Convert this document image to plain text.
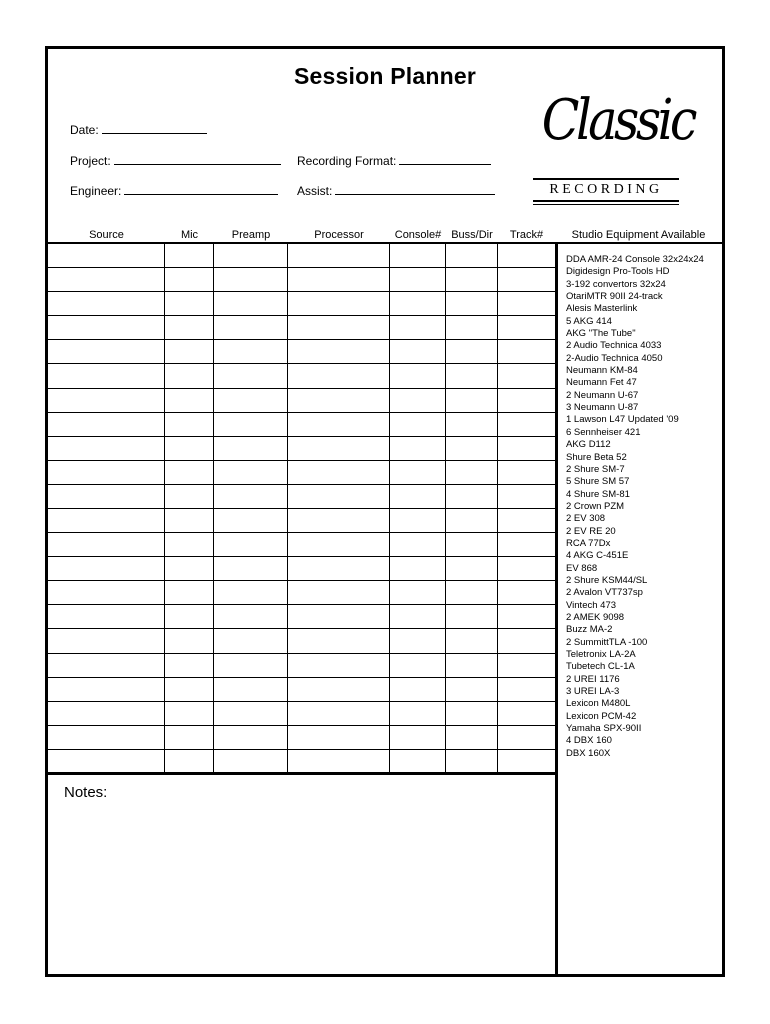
Session Planner
Date:
Project:	Recording Format:
Engineer:	Assist:
Classic
RECORDING
Source	Mic	Preamp	Processor	Console# Buss/Dir	Track#	Studio Equipment Available
DDA AMR-24 Console 32x24x24
Digidesign Pro-Tools HD
3-192 convertors 32x24
OtariMTR 90II 24-track
Alesis Masterlink
5 AKG 414
AKG "The Tube"
2 Audio Technica 4033
2-Audio Technica 4050
Neumann KM-84
Neumann Fet 47
2 Neumann U-67
3 Neumann U-87
1 Lawson L47 Updated '09
6 Sennheiser 421
AKG D112
Shure Beta 52
2 Shure SM-7
5 Shure SM 57
4 Shure SM-81
2 Crown PZM
2 EV 308
2 EV RE 20
RCA 77Dx
4 AKG C-451E
EV 868
2 Shure KSM44/SL
2 Avalon VT737sp
Vintech 473
2 AMEK 9098
Buzz MA-2
2 SummittTLA -100
Teletronix LA-2A
Tubetech CL-1A
2 UREI 1176
3 UREI LA-3
Lexicon M480L
Lexicon PCM-42
Yamaha SPX-90II
4 DBX 160
DBX 160X
Notes:
